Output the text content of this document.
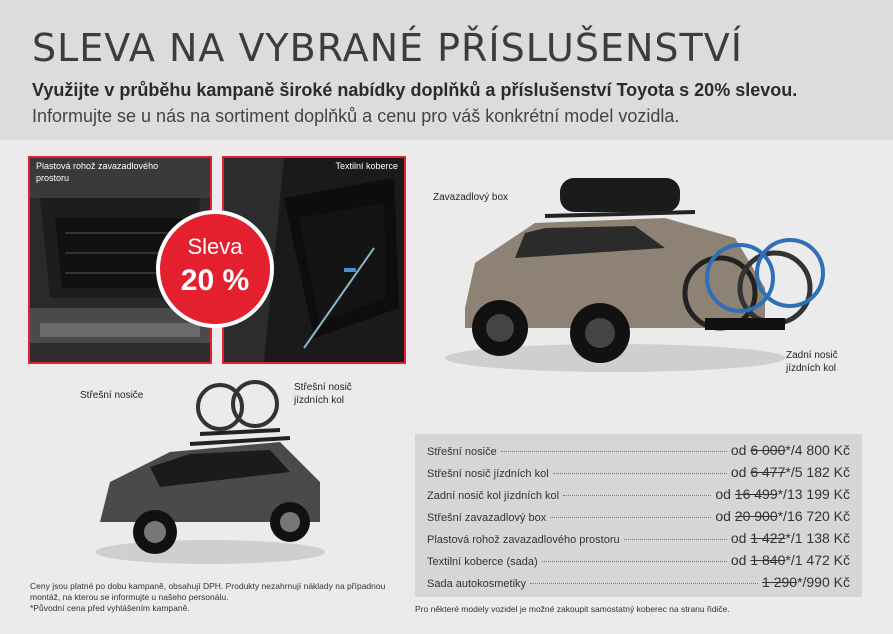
SLEVA NA VYBRANÉ PŘÍSLUŠENSTVÍ
Využijte v průběhu kampaně široké nabídky doplňků a příslušenství Toyota s 20% slevou.
Informujte se u nás na sortiment doplňků a cenu pro váš konkrétní model vozidla.
Plastová rohož zavazadlového prostoru
Textilní koberce
Sleva
20 %
Zavazadlový box
Zadní nosič jízdních kol
Střešní nosiče
Střešní nosič jízdních kol
Střešní nosiče	od 6 000*/4 800 Kč
Střešní nosič jízdních kol	od 6 477*/5 182 Kč
Zadní nosič kol jízdních kol	od 16 499*/13 199 Kč
Střešní zavazadlový box	od 20 900*/16 720 Kč
Plastová rohož zavazadlového prostoru	od 1 422*/1 138 Kč
Textilní koberce (sada)	od 1 840*/1 472 Kč
Sada autokosmetiky	1 290*/990 Kč
Ceny jsou platné po dobu kampaně, obsahují DPH. Produkty nezahrnují náklady na případnou montáž, na kterou se informujte u našeho personálu.
*Původní cena před vyhlášením kampaně.	Pro některé modely vozidel je možné zakoupit samostatný koberec na stranu řidiče.
